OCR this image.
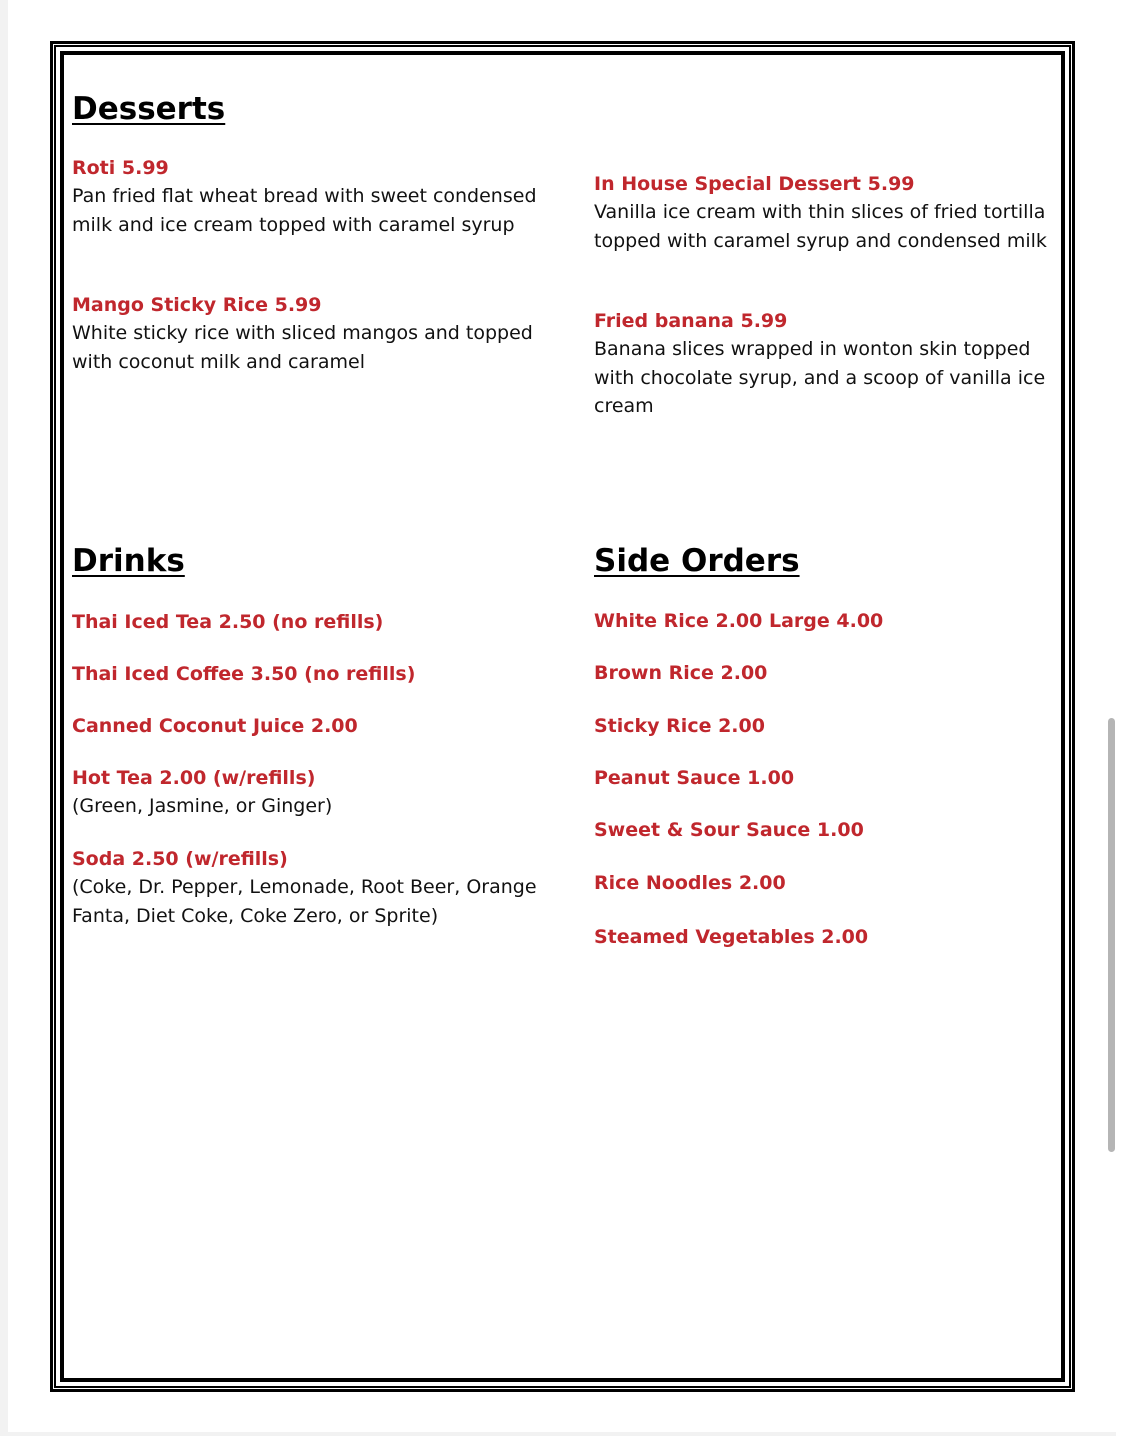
Desserts
Roti 5.99
Pan fried flat wheat bread with sweet condensed milk and ice cream topped with caramel syrup
Mango Sticky Rice 5.99
White sticky rice with sliced mangos and topped with coconut milk and caramel
In House Special Dessert 5.99
Vanilla ice cream with thin slices of fried tortilla topped with caramel syrup and condensed milk
Fried banana 5.99
Banana slices wrapped in wonton skin topped with chocolate syrup, and a scoop of vanilla ice cream
Drinks
Thai Iced Tea 2.50 (no refills)
Thai Iced Coffee 3.50 (no refills)
Canned Coconut Juice 2.00
Hot Tea 2.00 (w/refills)
(Green, Jasmine, or Ginger)
Soda 2.50 (w/refills)
(Coke, Dr. Pepper, Lemonade, Root Beer, Orange Fanta, Diet Coke, Coke Zero, or Sprite)
Side Orders
White Rice 2.00 Large 4.00
Brown Rice 2.00
Sticky Rice 2.00
Peanut Sauce 1.00
Sweet & Sour Sauce 1.00
Rice Noodles 2.00
Steamed Vegetables 2.00
